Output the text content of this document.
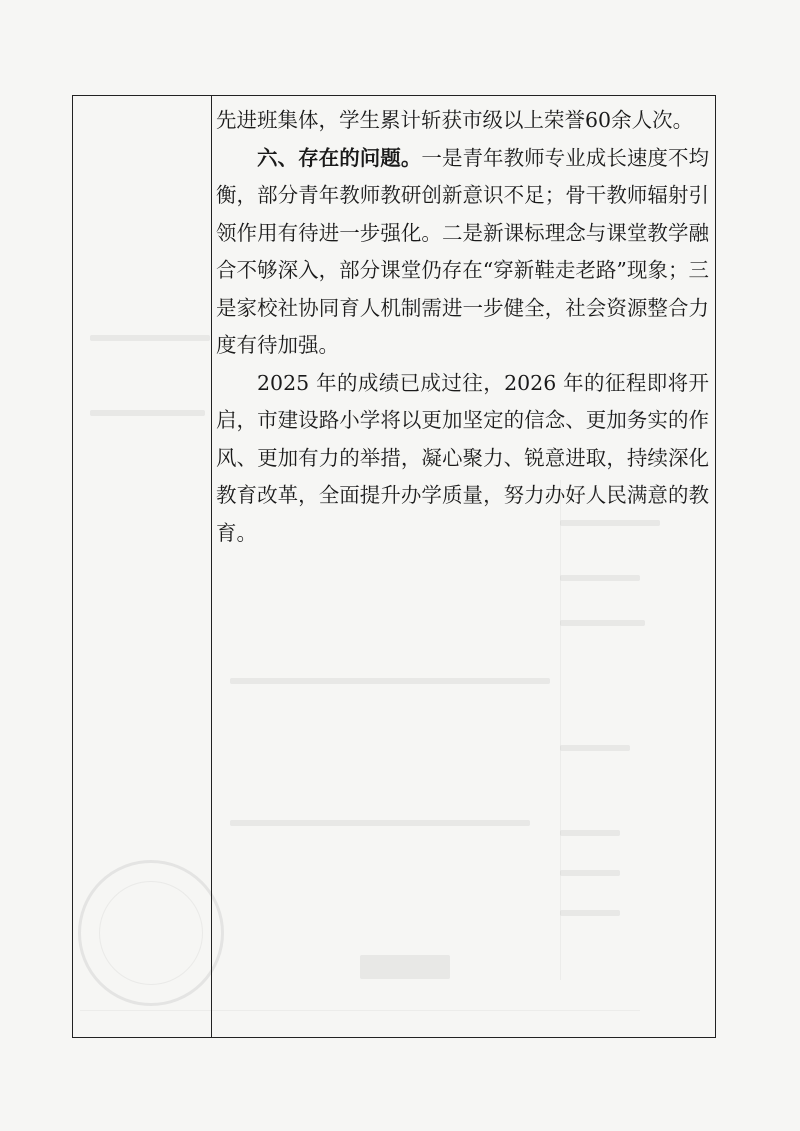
先进班集体，学生累计斩获市级以上荣誉60余人次。

六、存在的问题。一是青年教师专业成长速度不均衡，部分青年教师教研创新意识不足；骨干教师辐射引领作用有待进一步强化。二是新课标理念与课堂教学融合不够深入，部分课堂仍存在“穿新鞋走老路”现象；三是家校社协同育人机制需进一步健全，社会资源整合力度有待加强。

2025 年的成绩已成过往，2026 年的征程即将开启，市建设路小学将以更加坚定的信念、更加务实的作风、更加有力的举措，凝心聚力、锐意进取，持续深化教育改革，全面提升办学质量，努力办好人民满意的教育。
